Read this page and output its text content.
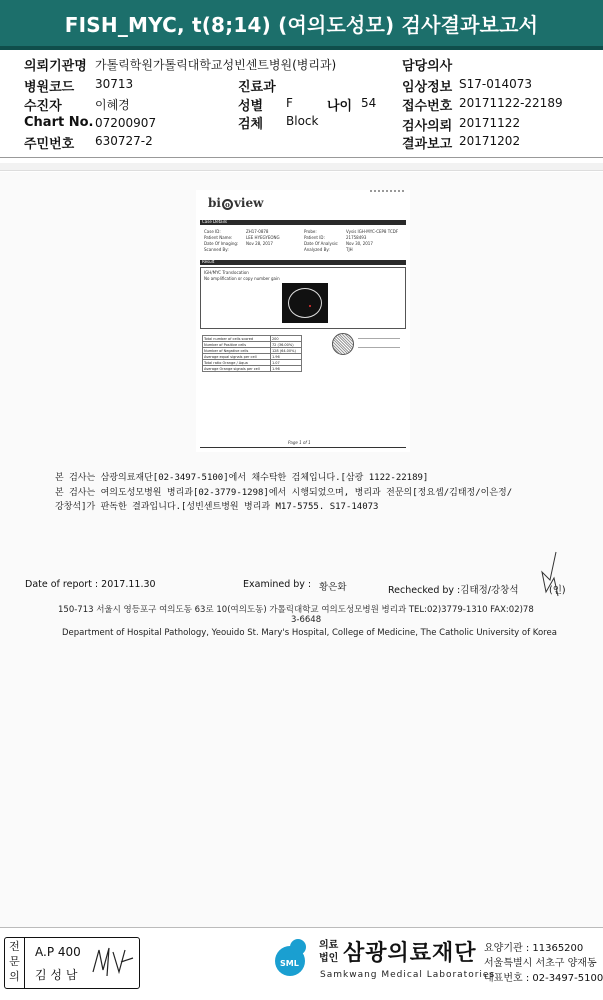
FISH_MYC, t(8;14) (여의도성모) 검사결과보고서
의뢰기관명 가톨릭학원가톨릭대학교성빈센트병원(병리과)	담당의사
병원코드 30713	진료과	임상정보 S17-014073
수진자	이혜경	성별 F	나이 54 접수번호 20171122-22189
Chart No. 07200907	검체 Block	검사의뢰 20171122
주민번호 630727-2	결과보고 20171202
bi o view
Case Details
Case ID:	ZH17-0878
Patient Name:	LEE HYEGYEONG
Date Of Imaging: Nov 28, 2017
Scanned By:
Probe:	Vysis IGH-MYC-CEP8 TCDF
Patient ID:	21758493
Date Of Analysis: Nov 30, 2017
Analyzed By:	TJH
Result
IGH/MYC Translocation
No amplification or copy number gain
Total number of cells scored	200
Number of Positive cells	72 (36.00%)
Number of Negative cells	128 (64.00%)
Average equal signals per cell	1.96
Total ratio Orange / Aqua	1.07
Average Orange signals per cell	1.96
Page 1 of 1
본 검사는 삼광의료재단[02-3497-5100]에서 채수탁한 검체입니다.[삼광 1122-22189]
본 검사는 여의도성모병원 병리과[02-3779-1298]에서 시행되었으며, 병리과 전문의[정요셉/김태정/이은정/
강창석]가 판독한 결과입니다.[성빈센트병원 병리과 M17-5755. S17-14073
Date of report : 2017.11.30	Examined by : 황은화	Rechecked by :김태정/강창석	(인)
150-713 서울시 영등포구 여의도동 63로 10(여의도동) 가톨릭대학교 여의도성모병원 병리과 TEL:02)3779-1310 FAX:02)78
3-6648
Department of Hospital Pathology, Yeouido St. Mary's Hospital, College of Medicine, The Catholic University of Korea
전문의
A.P 400
김 성 남
SML
의료
법인 삼광의료재단
Samkwang Medical Laboratories
요양기관 : 11365200
서울특별시 서초구 양재동
대표번호 : 02-3497-5100
